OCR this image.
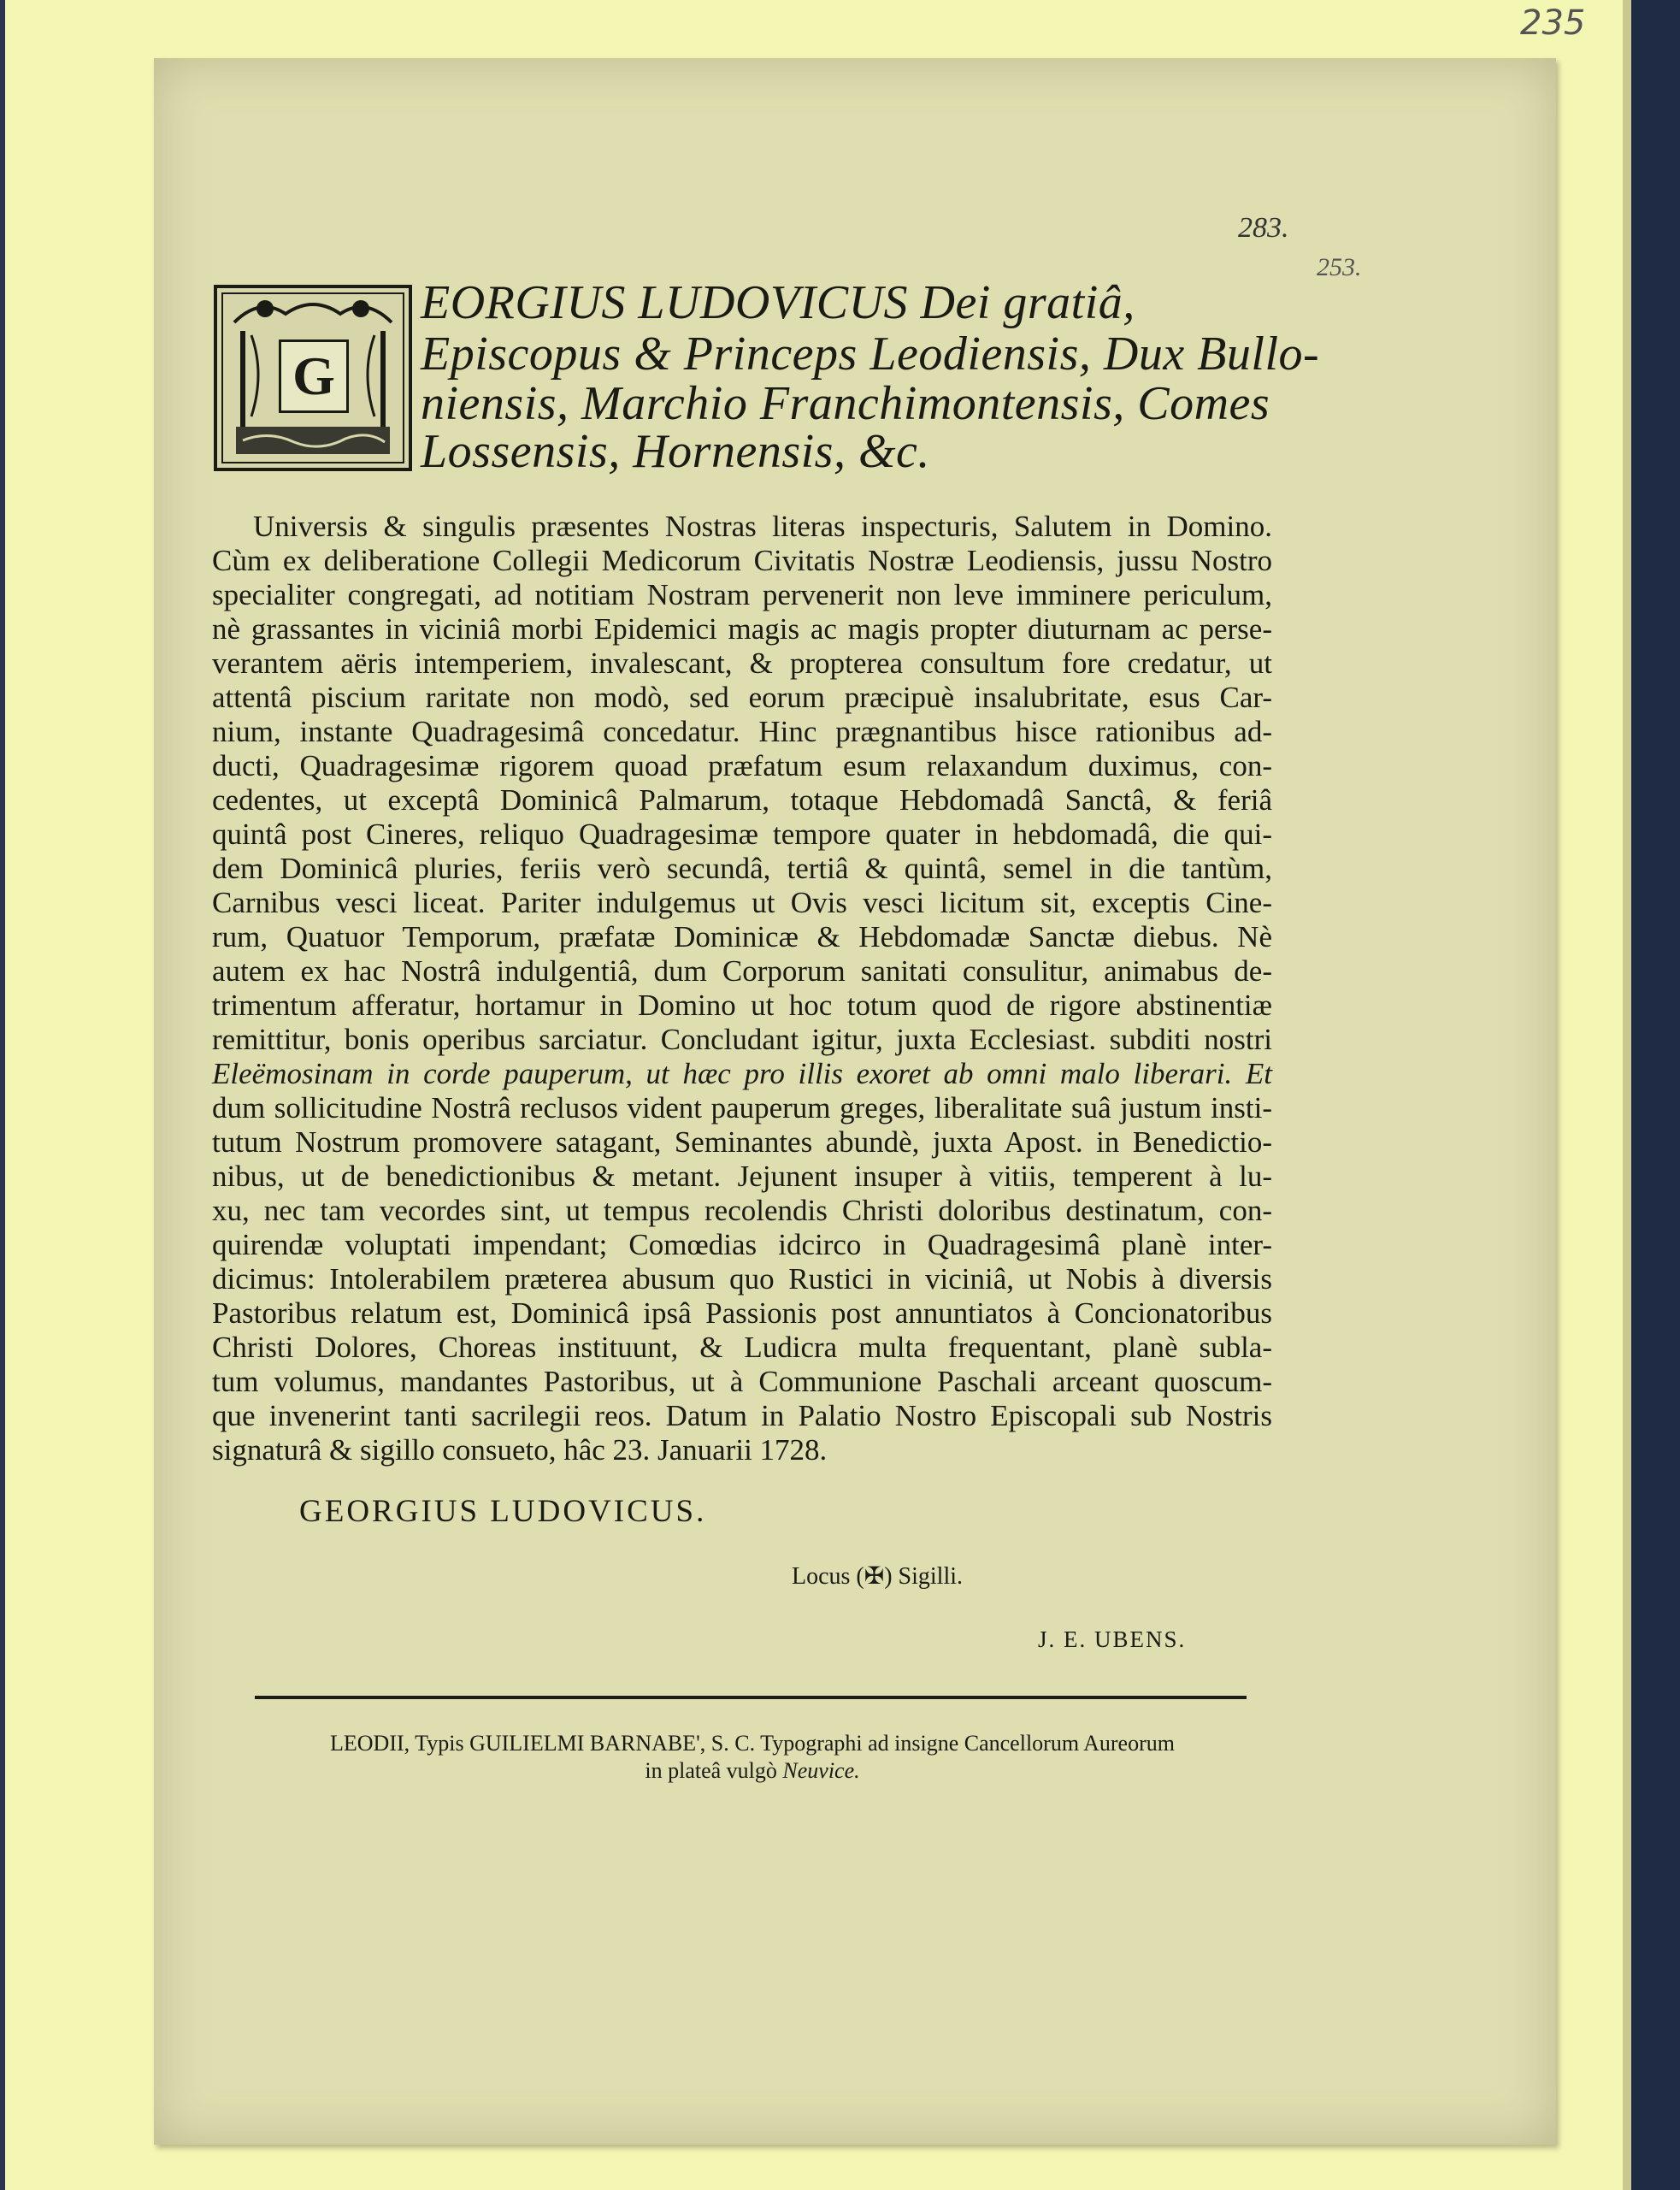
235
283.
253.
G
EORGIUS LUDOVICUS Dei gratiâ,
Episcopus & Princeps Leodiensis, Dux Bullo-
niensis, Marchio Franchimontensis, Comes
Lossensis, Hornensis, &c.
Universis & singulis præsentes Nostras literas inspecturis, Salutem in Domino.
Cùm ex deliberatione Collegii Medicorum Civitatis Nostræ Leodiensis, jussu Nostro
specialiter congregati, ad notitiam Nostram pervenerit non leve imminere periculum,
nè grassantes in viciniâ morbi Epidemici magis ac magis propter diuturnam ac perse-
verantem aëris intemperiem, invalescant, & propterea consultum fore credatur, ut
attentâ piscium raritate non modò, sed eorum præcipuè insalubritate, esus Car-
nium, instante Quadragesimâ concedatur. Hinc prægnantibus hisce rationibus ad-
ducti, Quadragesimæ rigorem quoad præfatum esum relaxandum duximus, con-
cedentes, ut exceptâ Dominicâ Palmarum, totaque Hebdomadâ Sanctâ, & feriâ
quintâ post Cineres, reliquo Quadragesimæ tempore quater in hebdomadâ, die qui-
dem Dominicâ pluries, feriis verò secundâ, tertiâ & quintâ, semel in die tantùm,
Carnibus vesci liceat. Pariter indulgemus ut Ovis vesci licitum sit, exceptis Cine-
rum, Quatuor Temporum, præfatæ Dominicæ & Hebdomadæ Sanctæ diebus. Nè
autem ex hac Nostrâ indulgentiâ, dum Corporum sanitati consulitur, animabus de-
trimentum afferatur, hortamur in Domino ut hoc totum quod de rigore abstinentiæ
remittitur, bonis operibus sarciatur. Concludant igitur, juxta Ecclesiast. subditi nostri
Eleëmosinam in corde pauperum, ut hæc pro illis exoret ab omni malo liberari. Et
dum sollicitudine Nostrâ reclusos vident pauperum greges, liberalitate suâ justum insti-
tutum Nostrum promovere satagant, Seminantes abundè, juxta Apost. in Benedictio-
nibus, ut de benedictionibus & metant. Jejunent insuper à vitiis, temperent à lu-
xu, nec tam vecordes sint, ut tempus recolendis Christi doloribus destinatum, con-
quirendæ voluptati impendant; Comœdias idcirco in Quadragesimâ planè inter-
dicimus: Intolerabilem præterea abusum quo Rustici in viciniâ, ut Nobis à diversis
Pastoribus relatum est, Dominicâ ipsâ Passionis post annuntiatos à Concionatoribus
Christi Dolores, Choreas instituunt, & Ludicra multa frequentant, planè subla-
tum volumus, mandantes Pastoribus, ut à Communione Paschali arceant quoscum-
que invenerint tanti sacrilegii reos. Datum in Palatio Nostro Episcopali sub Nostris
signaturâ & sigillo consueto, hâc 23. Januarii 1728.
GEORGIUS LUDOVICUS.
Locus (✠) Sigilli.
J. E. UBENS.
LEODII, Typis GUILIELMI BARNABE', S. C. Typographi ad insigne Cancellorum Aureorum
in plateâ vulgò Neuvice.
